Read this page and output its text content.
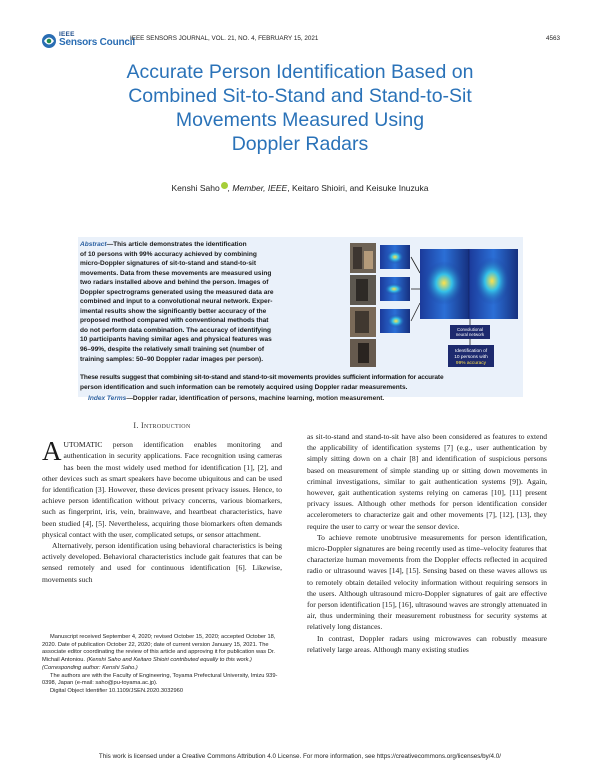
IEEE
Sensors Council
IEEE SENSORS JOURNAL, VOL. 21, NO. 4, FEBRUARY 15, 2021	4563
Accurate Person Identification Based on
Combined Sit-to-Stand and Stand-to-Sit
Movements Measured Using
Doppler Radars
Kenshi Saho , Member, IEEE, Keitaro Shioiri, and Keisuke Inuzuka
Abstract—This article demonstrates the identification
of 10 persons with 99% accuracy achieved by combining
micro-Doppler signatures of sit-to-stand and stand-to-sit
movements. Data from these movements are measured using
two radars installed above and behind the person. Images of
Doppler spectrograms generated using the measured data are
combined and input to a convolutional neural network. Exper-
imental results show the significantly better accuracy of the
proposed method compared with conventional methods that
do not perform data combination. The accuracy of identifying
10 participants having similar ages and physical features was
96–99%, despite the relatively small training set (number of
training samples: 50–90 Doppler radar images per person).
These results suggest that combining sit-to-stand and stand-to-sit movements provides sufficient information for accurate
person identification and such information can be remotely acquired using Doppler radar measurements.
Convolutional
neural network
Identification of
10 persons with
99% accuracy
Index Terms—Doppler radar, identification of persons, machine learning, motion measurement.

I. Introduction

AUTOMATIC person identification enables monitoring and authentication in security applications. Face recognition using cameras has been the most widely used method for identification [1], [2], and other devices such as smart speakers have become ubiquitous and can be used for identification [3]. However, these devices present privacy issues. Hence, to achieve person identification without privacy concerns, various biomarkers, such as fingerprint, iris, vein, brainwave, and heartbeat characteristics, have been studied [4], [5]. Nevertheless, acquiring those biomarkers often demands physical contact with the user, complicated setups, or sensor attachment.

Alternatively, person identification using behavioral characteristics is being actively developed. Behavioral characteristics include gait features that can be sensed remotely and used for continuous identification [6]. Likewise, movements such

as sit-to-stand and stand-to-sit have also been considered as features to extend the applicability of identification systems [7] (e.g., user authentication by simply sitting down on a chair [8] and identification of suspicious persons based on measurement of simple standing up or sitting down movements in criminal investigations, similar to gait authentication systems [9]). Again, however, gait authentication systems relying on cameras [10], [11] present privacy issues. Although other methods for person identification consider accelerometers to characterize gait and other movements [7], [12], [13], they require the user to carry or wear the sensor device.

To achieve remote unobtrusive measurements for person identification, micro-Doppler signatures are being recently used as time–velocity features that characterize human movements from the Doppler effects reflected in acquired radio or ultrasound waves [14], [15]. Sensing based on these waves allows us to remotely obtain detailed velocity information without requiring sensors in the users. Although ultrasound micro-Doppler signatures of gait are effective for person identification [15], [16], ultrasound waves are strongly attenuated in air, thus undermining their measurement robustness for security systems at relatively long distances.

In contrast, Doppler radars using microwaves can robustly measure relatively large areas. Although many existing studies

Manuscript received September 4, 2020; revised October 15, 2020; accepted October 18, 2020. Date of publication October 22, 2020; date of current version January 15, 2021. The associate editor coordinating the review of this article and approving it for publication was Dr. Michail Antoniou. (Kenshi Saho and Keitaro Shioiri contributed equally to this work.) (Corresponding author: Kenshi Saho.)

The authors are with the Faculty of Engineering, Toyama Prefectural University, Imizu 939-0398, Japan (e-mail: saho@pu-toyama.ac.jp).

Digital Object Identifier 10.1109/JSEN.2020.3032960

This work is licensed under a Creative Commons Attribution 4.0 License. For more information, see https://creativecommons.org/licenses/by/4.0/
